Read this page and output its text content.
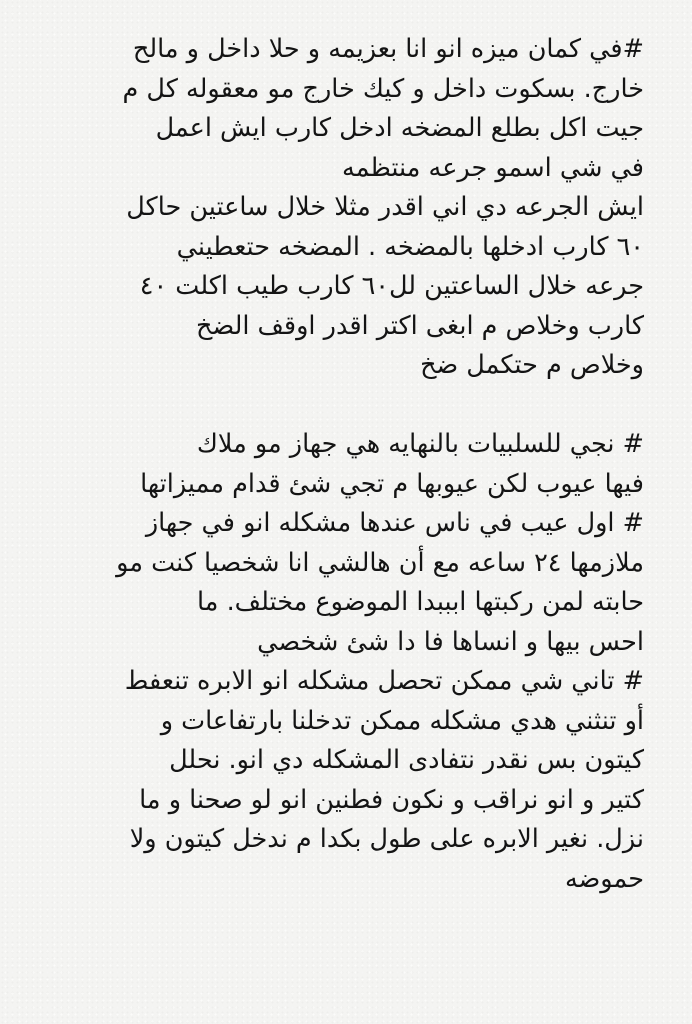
#في كمان ميزه انو انا بعزيمه و حلا داخل و مالح
خارج. بسكوت داخل و كيك خارج مو معقوله كل م
جيت اكل بطلع المضخه ادخل كارب ايش اعمل
في شي اسمو جرعه منتظمه
ايش الجرعه دي اني اقدر مثلا خلال ساعتين حاكل
٦٠ كارب ادخلها بالمضخه . المضخه حتعطيني
جرعه خلال الساعتين لل٦٠ كارب طيب اكلت ٤٠
كارب وخلاص م ابغى اكتر اقدر اوقف الضخ
وخلاص م حتكمل ضخ
# نجي للسلبيات بالنهايه هي جهاز مو ملاك
فيها عيوب لكن عيوبها م تجي شئ قدام مميزاتها
# اول عيب في ناس عندها مشكله انو في جهاز
ملازمها ٢٤ ساعه مع أن هالشي انا شخصيا كنت مو
حابته لمن ركبتها ابببدا الموضوع مختلف. ما
احس بيها و انساها فا دا شئ شخصي
# تاني شي ممكن تحصل مشكله انو الابره تنعفط
أو تنثني هدي مشكله ممكن تدخلنا بارتفاعات و
كيتون بس نقدر نتفادى المشكله دي انو. نحلل
كتير و انو نراقب و نكون فطنين انو لو صحنا و ما
نزل. نغير الابره على طول بكدا م ندخل كيتون ولا
حموضه
